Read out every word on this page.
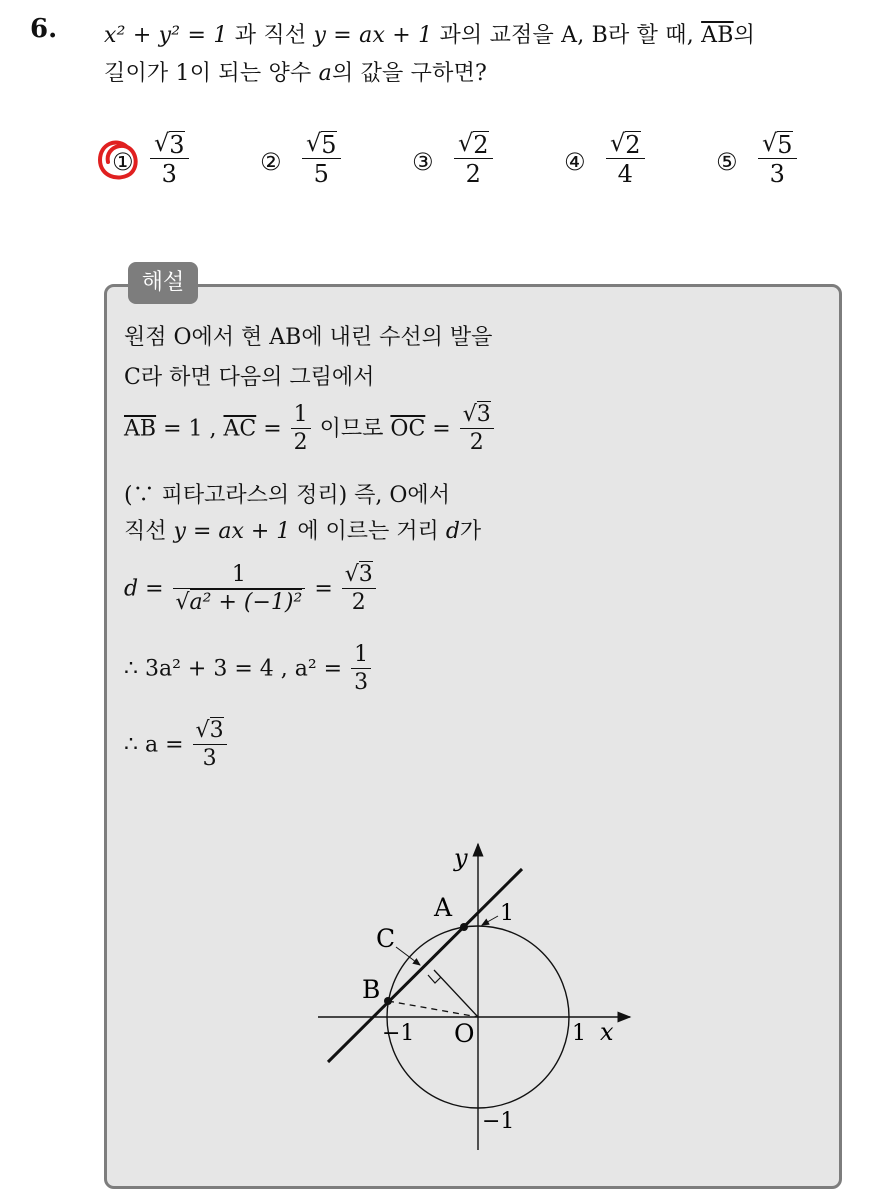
6. x² + y² = 1 과 직선 y = ax + 1 과의 교점을 A, B라 할 때, $\overline{AB}$의
길이가 1이 되는 양수 a의 값을 구하면?
①
√ 3
3	②
√ 5
5	③
√ 2
2	④
√ 2
4	⑤
√ 5
3
해설
원점 O에서 현 AB에 내린 수선의 발을
C라 하면 다음의 그림에서
$\overline{AB} = 1$ , $\overline{AC} = \frac{1}{2}$ 이므로 $\overline{OC} = \frac{√3}{2}$
(∵ 피타고라스의 정리) 즉, O에서
직선 y = ax + 1 에 이르는 거리 d가
$d = \frac{1}{\text{√a² + (−1)²}} = \frac{√3}{2}$
∴ 3a² + 3 = 4 , $a^2 = \frac{1}{3}$
∴ $a = \frac{√3}{3}$
y
x
A
B
C
O
1
1
−1
−1
